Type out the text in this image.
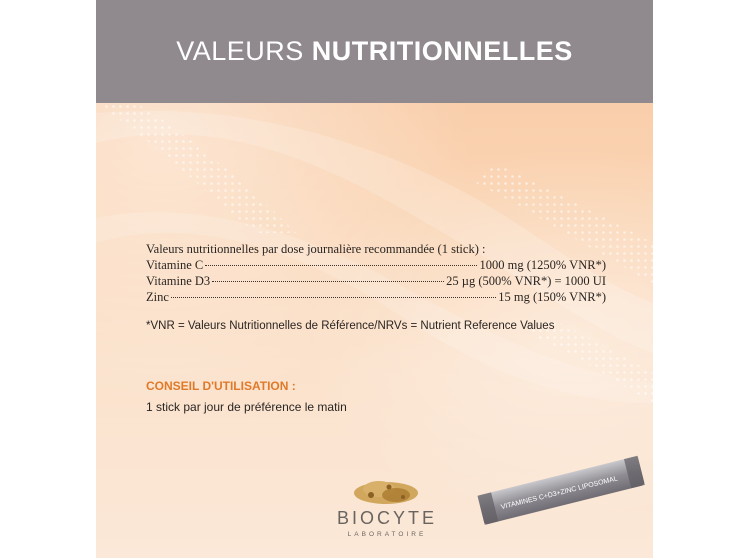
VALEURS NUTRITIONNELLES
Valeurs nutritionnelles par dose journalière recommandée (1 stick) :
Vitamine C	1000 mg (1250% VNR*)
Vitamine D3	25 µg (500% VNR*) = 1000 UI
Zinc	15 mg (150% VNR*)
*VNR = Valeurs Nutritionnelles de Référence/NRVs = Nutrient Reference Values
CONSEIL D'UTILISATION :
1 stick par jour de préférence le matin
BIOCYTE
LABORATOIRE
VITAMINES C+D3+ZINC LIPOSOMAL
